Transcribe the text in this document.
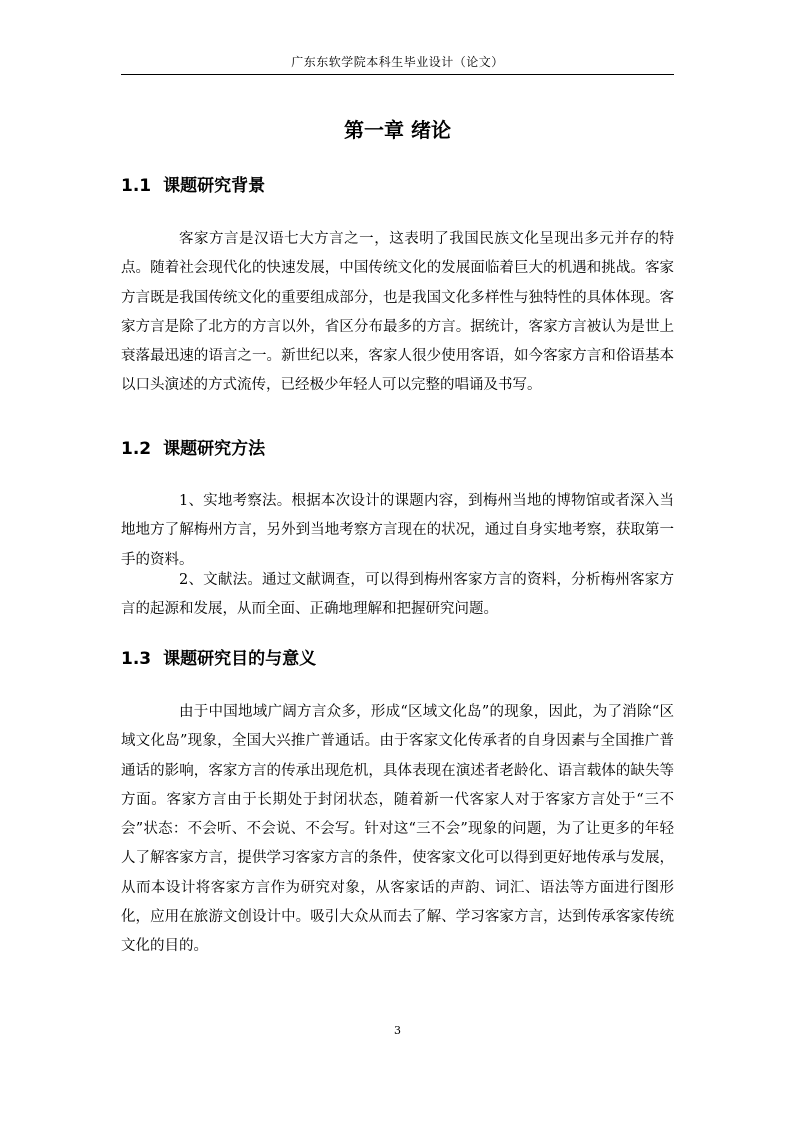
广东东软学院本科生毕业设计（论文）
第一章 绪论
1.1 课题研究背景

客家方言是汉语七大方言之一，这表明了我国民族文化呈现出多元并存的特点。随着社会现代化的快速发展，中国传统文化的发展面临着巨大的机遇和挑战。客家方言既是我国传统文化的重要组成部分，也是我国文化多样性与独特性的具体体现。客家方言是除了北方的方言以外，省区分布最多的方言。据统计，客家方言被认为是世上衰落最迅速的语言之一。新世纪以来，客家人很少使用客语，如今客家方言和俗语基本以口头演述的方式流传，已经极少年轻人可以完整的唱诵及书写。

1.2 课题研究方法

1、实地考察法。根据本次设计的课题内容，到梅州当地的博物馆或者深入当地地方了解梅州方言，另外到当地考察方言现在的状况，通过自身实地考察，获取第一手的资料。

2、文献法。通过文献调查，可以得到梅州客家方言的资料，分析梅州客家方言的起源和发展，从而全面、正确地理解和把握研究问题。

1.3 课题研究目的与意义

由于中国地域广阔方言众多，形成“区域文化岛”的现象，因此，为了消除“区域文化岛”现象，全国大兴推广普通话。由于客家文化传承者的自身因素与全国推广普通话的影响，客家方言的传承出现危机，具体表现在演述者老龄化、语言载体的缺失等方面。客家方言由于长期处于封闭状态，随着新一代客家人对于客家方言处于“三不会”状态：不会听、不会说、不会写。针对这“三不会”现象的问题，为了让更多的年轻人了解客家方言，提供学习客家方言的条件，使客家文化可以得到更好地传承与发展，从而本设计将客家方言作为研究对象，从客家话的声韵、词汇、语法等方面进行图形化，应用在旅游文创设计中。吸引大众从而去了解、学习客家方言，达到传承客家传统文化的目的。

3
